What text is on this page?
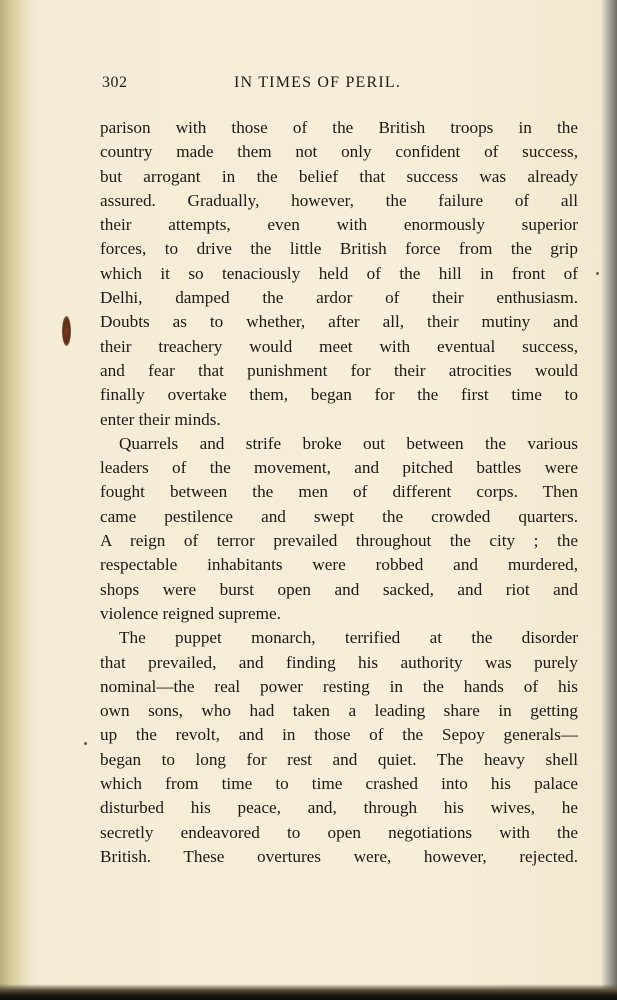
302	IN TIMES OF PERIL.
parison with those of the British troops in the
country made them not only confident of success,
but arrogant in the belief that success was already
assured. Gradually, however, the failure of all
their attempts, even with enormously superior
forces, to drive the little British force from the grip
which it so tenaciously held of the hill in front of
Delhi, damped the ardor of their enthusiasm.
Doubts as to whether, after all, their mutiny and
their treachery would meet with eventual success,
and fear that punishment for their atrocities would
finally overtake them, began for the first time to
enter their minds.
Quarrels and strife broke out between the various
leaders of the movement, and pitched battles were
fought between the men of different corps. Then
came pestilence and swept the crowded quarters.
A reign of terror prevailed throughout the city ; the
respectable inhabitants were robbed and murdered,
shops were burst open and sacked, and riot and
violence reigned supreme.
The puppet monarch, terrified at the disorder
that prevailed, and finding his authority was purely
nominal—the real power resting in the hands of his
own sons, who had taken a leading share in getting
up the revolt, and in those of the Sepoy generals—
began to long for rest and quiet. The heavy shell
which from time to time crashed into his palace
disturbed his peace, and, through his wives, he
secretly endeavored to open negotiations with the
British. These overtures were, however, rejected.
